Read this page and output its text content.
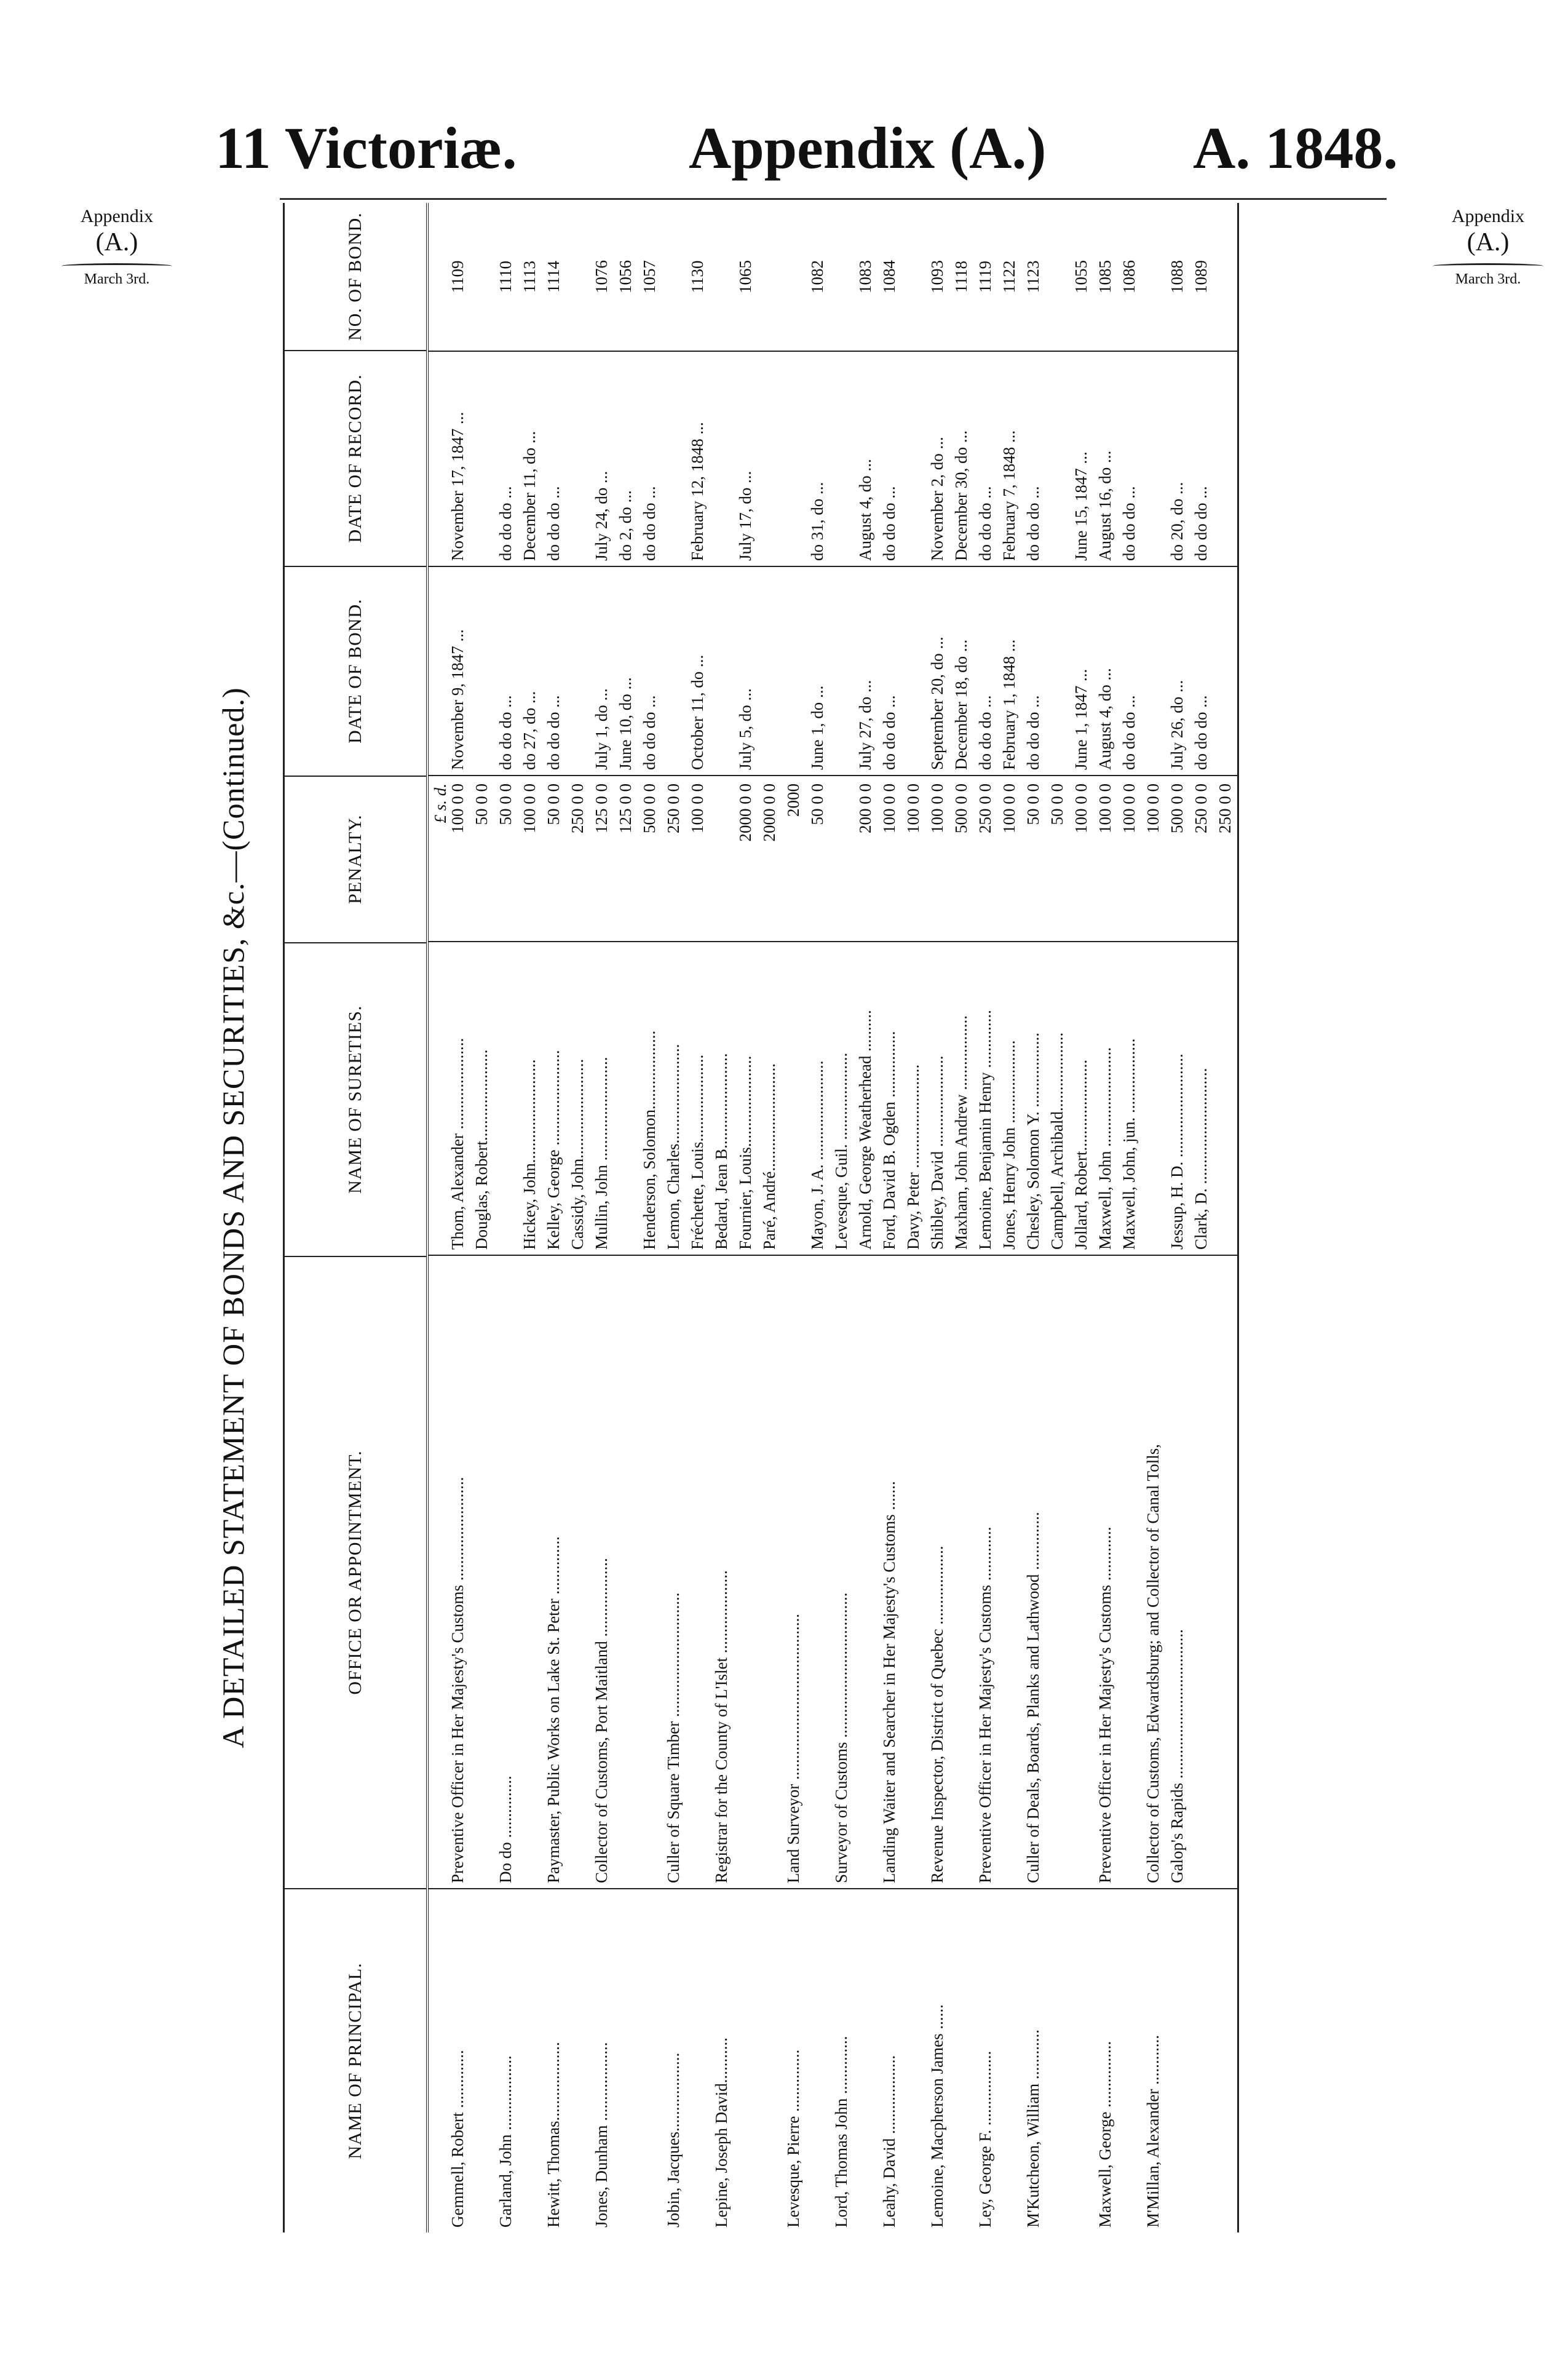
11 Victoriæ.	Appendix (A.) A. 1848.
Appendix
(A.)
March 3rd.
Appendix
(A.)
March 3rd.
A DETAILED STATEMENT OF BONDS AND SECURITIES, &c.—(Continued.)
NAME OF PRINCIPAL.
OFFICE OR APPOINTMENT.
NAME OF SURETIES.
PENALTY.
DATE OF BOND.
DATE OF RECORD.
NO. OF BOND.
£ s. d.
Gemmell, Robert ..............
Preventive Officer in Her Majesty's Customs .........................
Thom, Alexander ......................
100 0 0
November 9, 1847 ...
November 17, 1847 ...
1109
Douglas, Robert......................
50 0 0
Garland, John ..................
Do do ...............
50 0 0
do do do ...
do do do ...
1110
Hickey, John.........................
100 0 0
do 27, do ...
December 11, do ...
1113
Hewitt, Thomas...................
Paymaster, Public Works on Lake St. Peter ..............
Kelley, George .......................
50 0 0
do do do ...
do do do ...
1114
Cassidy, John........................
250 0 0
Jones, Dunham ...................
Collector of Customs, Port Maitland ...................
Mullin, John .........................
125 0 0
July 1, do ...
July 24, do ...
1076
125 0 0
June 10, do ...
do 2, do ...
1056
Henderson, Solomon...................
500 0 0
do do do ...
do do do ...
1057
Jobin, Jacques...................
Culler of Square Timber ..............................
Lemon, Charles........................
250 0 0
Fréchette, Louis.....................
100 0 0
October 11, do ...
February 12, 1848 ...
1130
Lepine, Joseph David...........
Registrar for the County of L'Islet ....................
Bedard, Jean B....................... Fournier, Louis......................
2000 0 0
July 5, do ...
July 17, do ...
1065
Paré, André..........................
2000 0 0
Levesque, Pierre ...............
Land Surveyor ........................................
2000
Mayon, J. A. ........................
50 0 0
June 1, do ...
do 31, do ...
1082
Lord, Thomas John ..............
Surveyor of Customs ...................................
Levesque, Guil. ..................... Arnold, George Weatherhead ..........
200 0 0
July 27, do ...
August 4, do ...
1083
Leahy, David ...................
Landing Waiter and Searcher in Her Majesty's Customs .......
Ford, David B. Ogden ................
100 0 0
do do do ...
do do do ...
1084
Davy, Peter .........................
100 0 0
Lemoine, Macpherson James ......
Revenue Inspector, District of Quebec ...................
Shibley, David ......................
100 0 0
September 20, do ...
November 2, do ...
1093
Maxham, John Andrew ..................
500 0 0
December 18, do ...
December 30, do ...
1118
Ley, George F. ..................
Preventive Officer in Her Majesty's Customs .............
Lemoine, Benjamin Henry ..............
250 0 0
do do do ...
do do do ...
1119
Jones, Henry John ....................
100 0 0
February 1, 1848 ...
February 7, 1848 ...
1122
M'Kutcheon, William ............
Culler of Deals, Boards, Planks and Lathwood ..............
Chesley, Solomon Y. ..................
50 0 0
do do do ...
do do do ...
1123
Campbell, Archibald...................
50 0 0
Jollard, Robert......................
100 0 0
June 1, 1847 ...
June 15, 1847 ...
1055
Maxwell, George ................
Preventive Officer in Her Majesty's Customs .............
Maxwell, John ........................
100 0 0
August 4, do ...
August 16, do ...
1085
Maxwell, John, jun. ..................
100 0 0
do do do ...
do do do ...
1086
M'Millan, Alexander ............
Collector of Customs, Edwardsburg; and Collector of Canal Tolls,
100 0 0
Galop's Rapids ....................................
Jessup, H. D. .........................
500 0 0
July 26, do ...
do 20, do ...
1088
Clark, D. ............................
250 0 0
do do do ...
do do do ...
1089
250 0 0
